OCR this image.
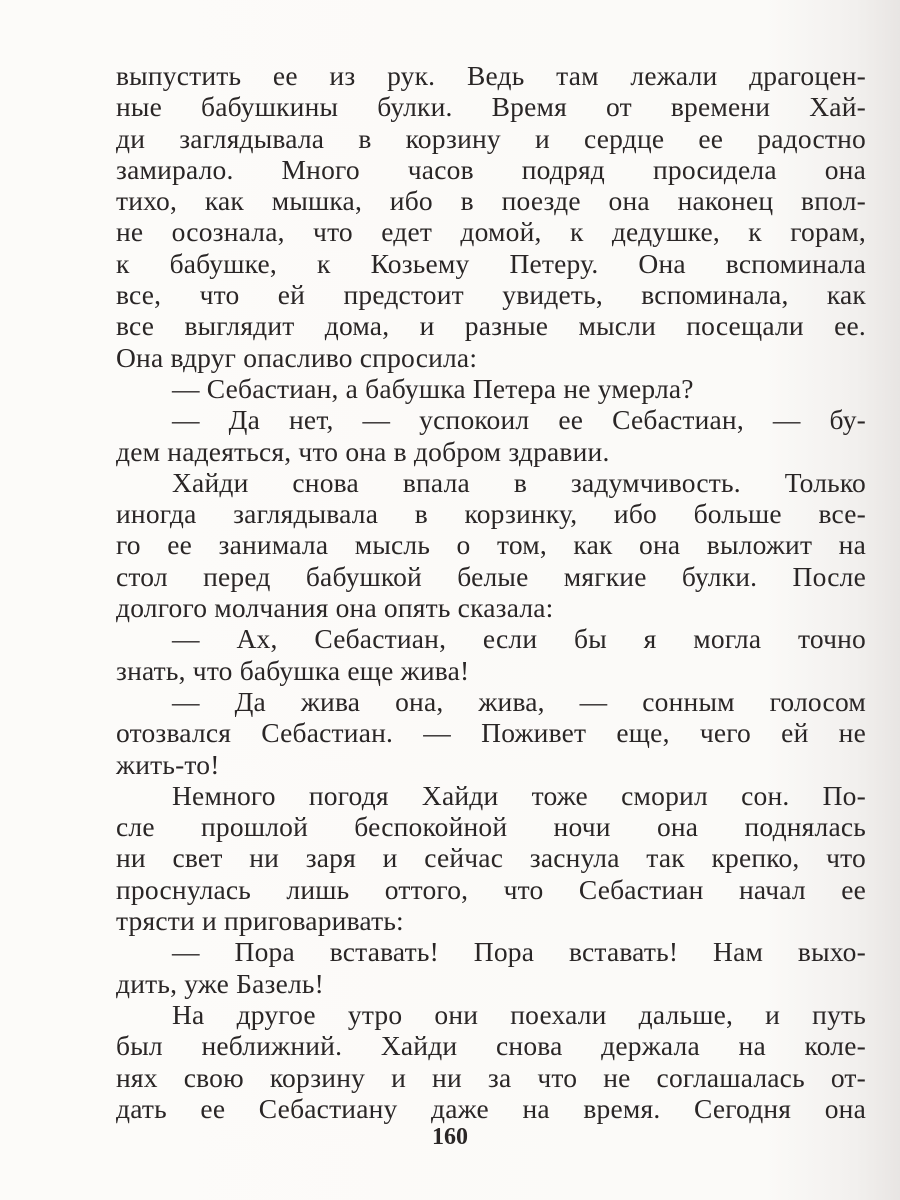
выпустить ее из рук. Ведь там лежали драгоцен-
ные бабушкины булки. Время от времени Хай-
ди заглядывала в корзину и сердце ее радостно
замирало. Много часов подряд просидела она
тихо, как мышка, ибо в поезде она наконец впол-
не осознала, что едет домой, к дедушке, к горам,
к бабушке, к Козьему Петеру. Она вспоминала
все, что ей предстоит увидеть, вспоминала, как
все выглядит дома, и разные мысли посещали ее.
Она вдруг опасливо спросила:
— Себастиан, а бабушка Петера не умерла?
— Да нет, — успокоил ее Себастиан, — бу-
дем надеяться, что она в добром здравии.
Хайди снова впала в задумчивость. Только
иногда заглядывала в корзинку, ибо больше все-
го ее занимала мысль о том, как она выложит на
стол перед бабушкой белые мягкие булки. После
долгого молчания она опять сказала:
— Ах, Себастиан, если бы я могла точно
знать, что бабушка еще жива!
— Да жива она, жива, — сонным голосом
отозвался Себастиан. — Поживет еще, чего ей не
жить-то!
Немного погодя Хайди тоже сморил сон. По-
сле прошлой беспокойной ночи она поднялась
ни свет ни заря и сейчас заснула так крепко, что
проснулась лишь оттого, что Себастиан начал ее
трясти и приговаривать:
— Пора вставать! Пора вставать! Нам выхо-
дить, уже Базель!
На другое утро они поехали дальше, и путь
был неближний. Хайди снова держала на коле-
нях свою корзину и ни за что не соглашалась от-
дать ее Себастиану даже на время. Сегодня она
160
